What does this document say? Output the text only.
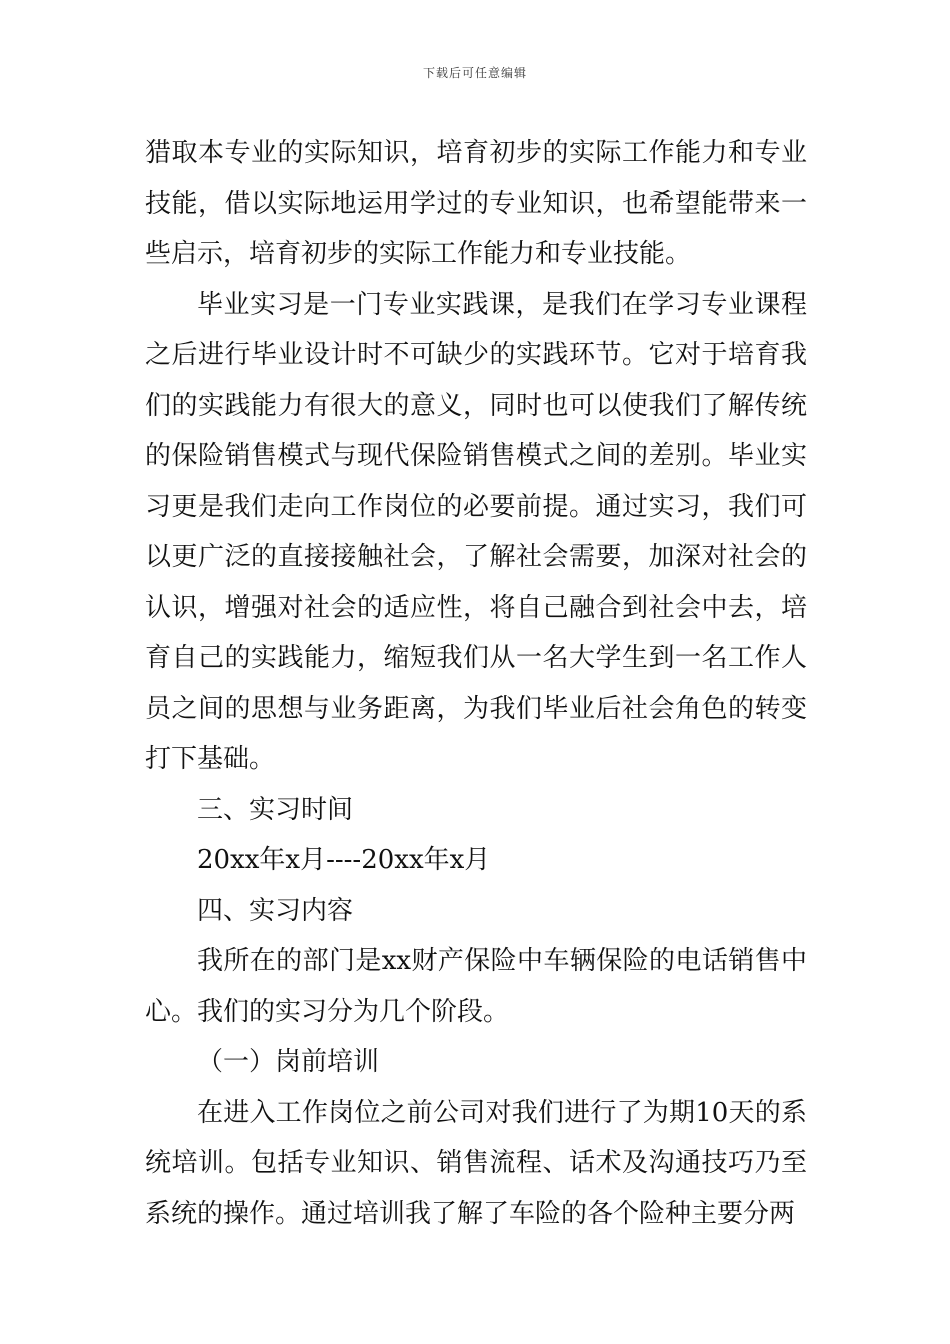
下载后可任意编辑

猎取本专业的实际知识，培育初步的实际工作能力和专业技能，借以实际地运用学过的专业知识，也希望能带来一些启示，培育初步的实际工作能力和专业技能。

毕业实习是一门专业实践课，是我们在学习专业课程之后进行毕业设计时不可缺少的实践环节。它对于培育我们的实践能力有很大的意义，同时也可以使我们了解传统的保险销售模式与现代保险销售模式之间的差别。毕业实习更是我们走向工作岗位的必要前提。通过实习，我们可以更广泛的直接接触社会，了解社会需要，加深对社会的认识，增强对社会的适应性，将自己融合到社会中去，培育自己的实践能力，缩短我们从一名大学生到一名工作人员之间的思想与业务距离，为我们毕业后社会角色的转变打下基础。

三、实习时间

20xx年x月----20xx年x月

四、实习内容

我所在的部门是xx财产保险中车辆保险的电话销售中心。我们的实习分为几个阶段。

（一）岗前培训

在进入工作岗位之前公司对我们进行了为期10天的系统培训。包括专业知识、销售流程、话术及沟通技巧乃至系统的操作。通过培训我了解了车险的各个险种主要分两
